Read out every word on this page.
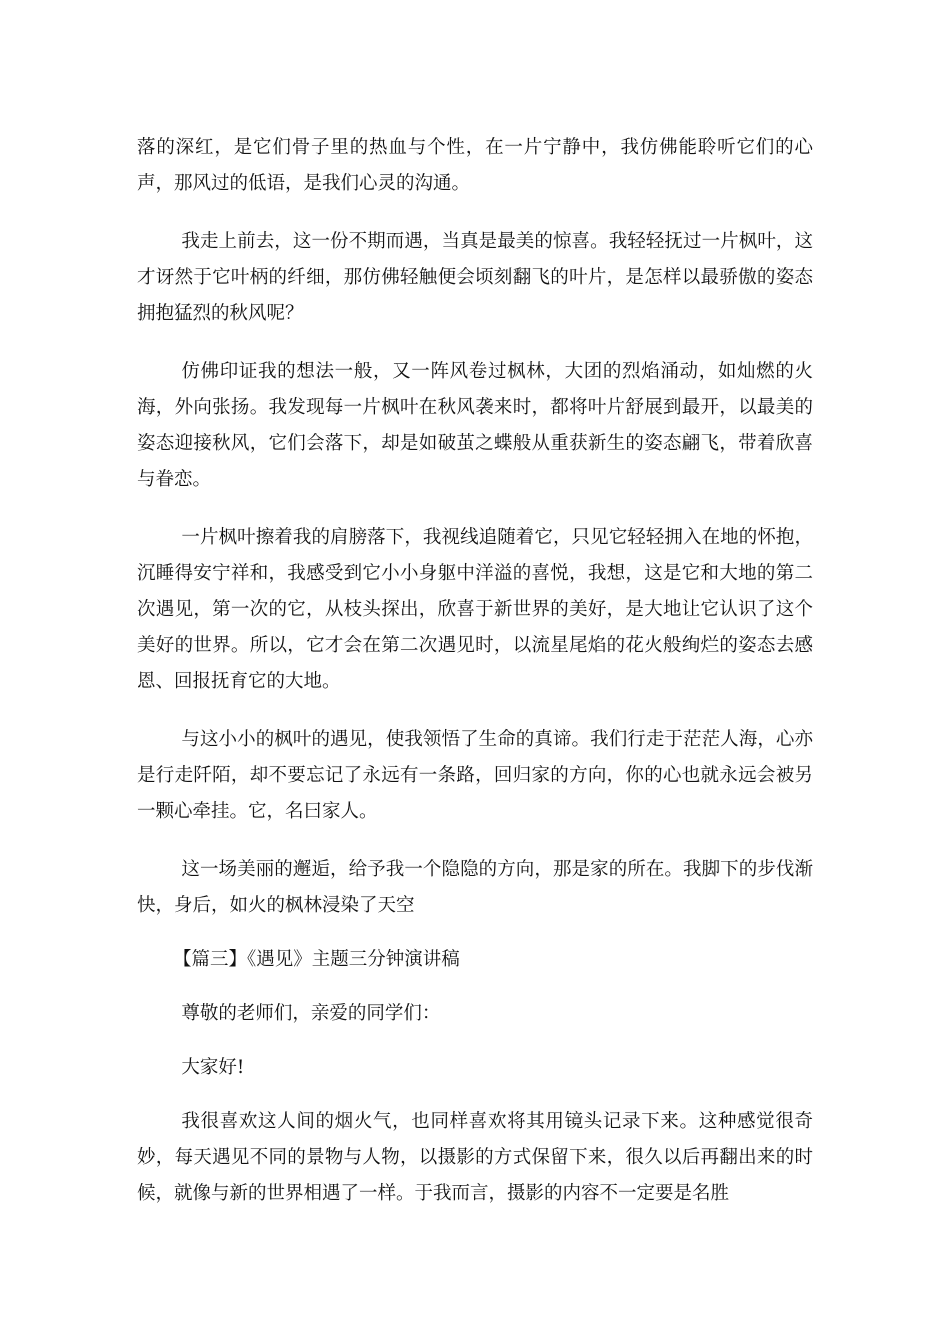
落的深红，是它们骨子里的热血与个性，在一片宁静中，我仿佛能聆听它们的心声，那风过的低语，是我们心灵的沟通。

我走上前去，这一份不期而遇，当真是最美的惊喜。我轻轻抚过一片枫叶，这才讶然于它叶柄的纤细，那仿佛轻触便会顷刻翻飞的叶片，是怎样以最骄傲的姿态拥抱猛烈的秋风呢？

仿佛印证我的想法一般，又一阵风卷过枫林，大团的烈焰涌动，如灿燃的火海，外向张扬。我发现每一片枫叶在秋风袭来时，都将叶片舒展到最开，以最美的姿态迎接秋风，它们会落下，却是如破茧之蝶般从重获新生的姿态翩飞，带着欣喜与眷恋。

一片枫叶擦着我的肩膀落下，我视线追随着它，只见它轻轻拥入在地的怀抱，沉睡得安宁祥和，我感受到它小小身躯中洋溢的喜悦，我想，这是它和大地的第二次遇见，第一次的它，从枝头探出，欣喜于新世界的美好，是大地让它认识了这个美好的世界。所以，它才会在第二次遇见时，以流星尾焰的花火般绚烂的姿态去感恩、回报抚育它的大地。

与这小小的枫叶的遇见，使我领悟了生命的真谛。我们行走于茫茫人海，心亦是行走阡陌，却不要忘记了永远有一条路，回归家的方向，你的心也就永远会被另一颗心牵挂。它，名曰家人。

这一场美丽的邂逅，给予我一个隐隐的方向，那是家的所在。我脚下的步伐渐快，身后，如火的枫林浸染了天空

【篇三】《遇见》主题三分钟演讲稿

尊敬的老师们，亲爱的同学们：

大家好!

我很喜欢这人间的烟火气，也同样喜欢将其用镜头记录下来。这种感觉很奇妙，每天遇见不同的景物与人物，以摄影的方式保留下来，很久以后再翻出来的时候，就像与新的世界相遇了一样。于我而言，摄影的内容不一定要是名胜
